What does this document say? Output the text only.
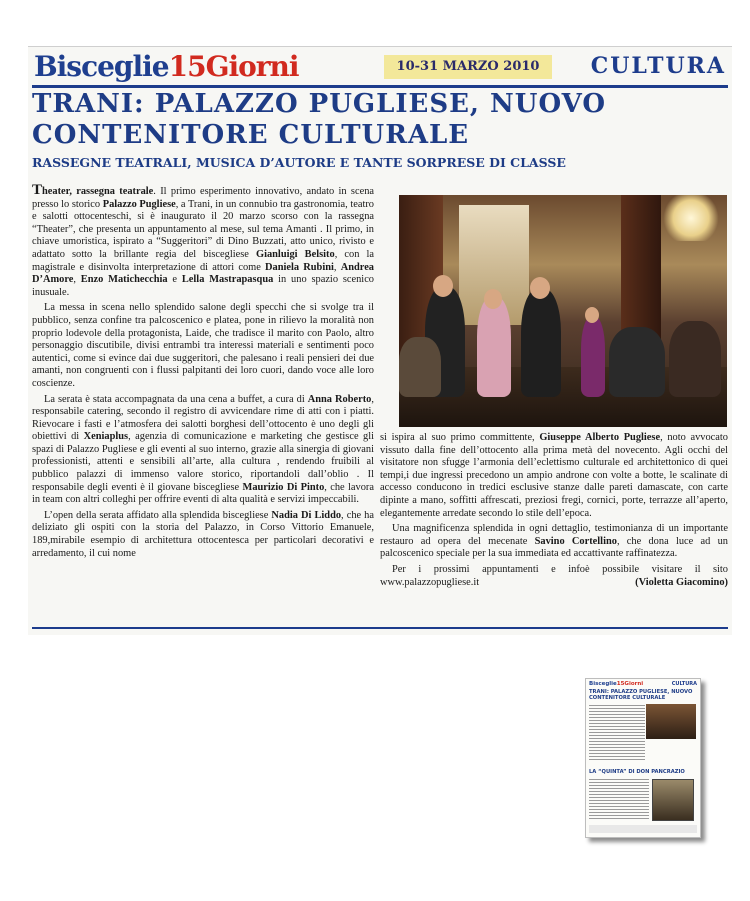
Bisceglie15Giorni	10-31 MARZO 2010	CULTURA
TRANI: PALAZZO PUGLIESE, NUOVO
CONTENITORE CULTURALE
RASSEGNE TEATRALI, MUSICA D’AUTORE E TANTE SORPRESE DI CLASSE

Theater, rassegna teatrale. Il primo esperimento innovativo, andato in scena presso lo storico Palazzo Pugliese, a Trani, in un connubio tra gastronomia, teatro e salotti ottocenteschi, si è inaugurato il 20 marzo scorso con la rassegna “Theater”, che presenta un appuntamento al mese, sul tema Amanti . Il primo, in chiave umoristica, ispirato a “Suggeritori” di Dino Buzzati, atto unico, rivisto e adattato sotto la brillante regia del biscegliese Gianluigi Belsito, con la magistrale e disinvolta interpretazione di attori come Daniela Rubini, Andrea D’Amore, Enzo Matichecchia e Lella Mastrapasqua in uno spazio scenico inusuale.

La messa in scena nello splendido salone degli specchi che si svolge tra il pubblico, senza confine tra palcoscenico e platea, pone in rilievo la moralità non proprio lodevole della protagonista, Laide, che tradisce il marito con Paolo, altro personaggio discutibile, divisi entrambi tra interessi materiali e sentimenti poco autentici, come si evince dai due suggeritori, che palesano i reali pensieri dei due amanti, non congruenti con i flussi palpitanti dei loro cuori, dando voce alle loro coscienze.

La serata è stata accompagnata da una cena a buffet, a cura di Anna Roberto, responsabile catering, secondo il registro di avvicendare rime di atti con i piatti. Rievocare i fasti e l’atmosfera dei salotti borghesi dell’ottocento è uno degli gli obiettivi di Xeniaplus, agenzia di comunicazione e marketing che gestisce gli spazi di Palazzo Pugliese e gli eventi al suo interno, grazie alla sinergia di giovani professionisti, attenti e sensibili all’arte, alla cultura , rendendo fruibili al pubblico palazzi di immenso valore storico, riportandoli dall’oblio . Il responsabile degli eventi è il giovane biscegliese Maurizio Di Pinto, che lavora in team con altri colleghi per offrire eventi di alta qualità e servizi impeccabili.

L’open della serata affidato alla splendida biscegliese Nadia Di Liddo, che ha deliziato gli ospiti con la storia del Palazzo, in Corso Vittorio Emanuele, 189,mirabile esempio di architettura ottocentesca per particolari decorativi e arredamento, il cui nome

si ispira al suo primo committente, Giuseppe Alberto Pugliese, noto avvocato vissuto dalla fine dell’ottocento alla prima metà del novecento. Agli occhi del visitatore non sfugge l’armonia dell’eclettismo culturale ed architettonico di quei tempi,i due ingressi precedono un ampio androne con volte a botte, le scalinate di accesso conducono in tredici esclusive stanze dalle pareti damascate, con carte dipinte a mano, soffitti affrescati, preziosi fregi, cornici, porte, terrazze all’aperto, elegantemente arredate secondo lo stile dell’epoca.

Una magnificenza splendida in ogni dettaglio, testimonianza di un importante restauro ad opera del mecenate Savino Cortellino, che dona luce ad un palcoscenico speciale per la sua immediata ed accattivante raffinatezza.

Per i prossimi appuntamenti e infoè possibile visitare il sito www.palazzopugliese.it	(Violetta Giacomino)

Bisceglie15Giorni	CULTURA
TRANI: PALAZZO PUGLIESE, NUOVO CONTENITORE CULTURALE
LA “QUINTA” DI DON PANCRAZIO
